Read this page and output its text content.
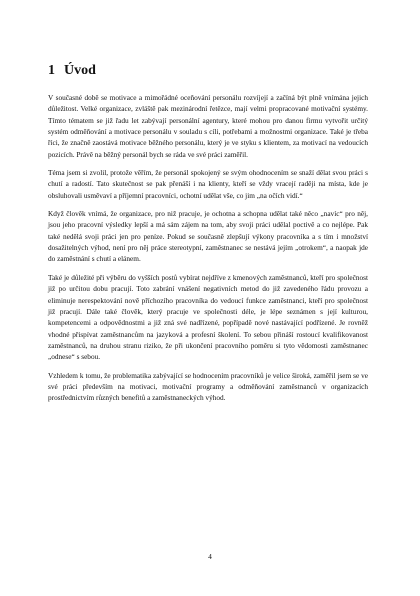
1 Úvod

V současné době se motivace a mimořádné oceňování personálu rozvíjejí a začíná být plně vnímána jejich důležitost. Velké organizace, zvláště pak mezinárodní řetězce, mají velmi propracované motivační systémy. Tímto tématem se již řadu let zabývají personální agentury, které mohou pro danou firmu vytvořit určitý systém odměňování a motivace personálu v souladu s cíli, potřebami a možnostmi organizace. Také je třeba říci, že značně zaostává motivace běžného personálu, který je ve styku s klientem, za motivací na vedoucích pozicích. Právě na běžný personál bych se ráda ve své práci zaměřil.

Téma jsem si zvolil, protože věřím, že personál spokojený se svým ohodnocením se snaží dělat svou práci s chutí a radostí. Tato skutečnost se pak přenáší i na klienty, kteří se vždy vracejí raději na místa, kde je obsluhovali usměvaví a příjemní pracovníci, ochotní udělat vše, co jim „na očích vidí.“

Když člověk vnímá, že organizace, pro niž pracuje, je ochotna a schopna udělat také něco „navíc“ pro něj, jsou jeho pracovní výsledky lepší a má sám zájem na tom, aby svoji práci udělal poctivě a co nejlépe. Pak také nedělá svoji práci jen pro peníze. Pokud se současně zlepšují výkony pracovníka a s tím i množství dosažitelných výhod, není pro něj práce stereotypní, zaměstnanec se nestává jejím „otrokem“, a naopak jde do zaměstnání s chutí a elánem.

Také je důležité při výběru do vyšších postů vybírat nejdříve z kmenových zaměstnanců, kteří pro společnost již po určitou dobu pracují. Toto zabrání vnášení negativních metod do již zavedeného řádu provozu a eliminuje nerespektování nově příchozího pracovníka do vedoucí funkce zaměstnanci, kteří pro společnost již pracují. Dále také člověk, který pracuje ve společnosti déle, je lépe seznámen s její kulturou, kompetencemi a odpovědnostmi a již zná své nadřízené, popřípadě nové nastávající podřízené. Je rovněž vhodné přispívat zaměstnancům na jazyková a profesní školení. To sebou přináší rostoucí kvalifikovanost zaměstnanců, na druhou stranu riziko, že při ukončení pracovního poměru si tyto vědomosti zaměstnanec „odnese“ s sebou.

Vzhledem k tomu, že problematika zabývající se hodnocením pracovníků je velice široká, zaměřil jsem se ve své práci především na motivaci, motivační programy a odměňování zaměstnanců v organizacích prostřednictvím různých benefitů a zaměstnaneckých výhod.

4
